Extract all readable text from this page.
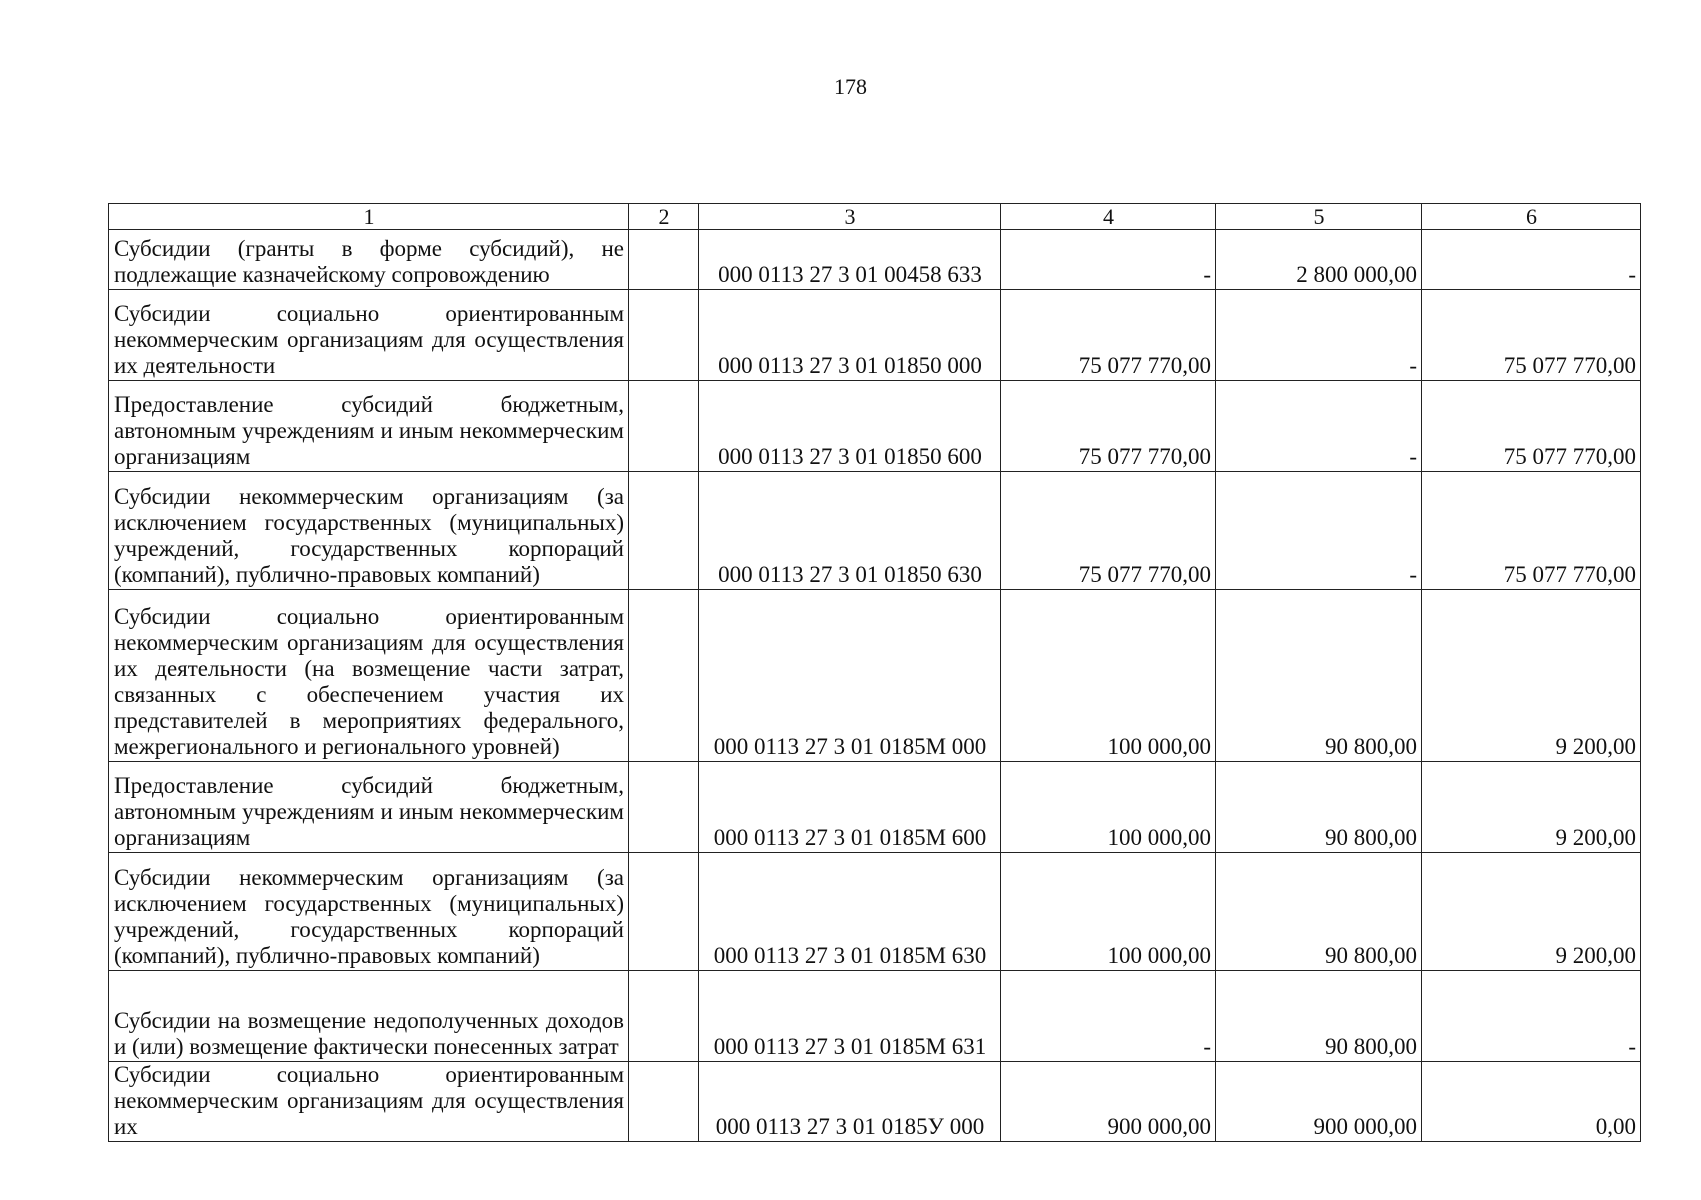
178
1	2	3	4	5	6
Субсидии (гранты в форме субсидий), не подлежащие казначейскому сопровождению		000 0113 27 3 01 00458 633	-	2 800 000,00	-
Субсидии социально ориентированным некоммерческим организациям для осуществления их деятельности		000 0113 27 3 01 01850 000	75 077 770,00	-	75 077 770,00
Предоставление субсидий бюджетным, автономным учреждениям и иным некоммерческим организациям		000 0113 27 3 01 01850 600	75 077 770,00	-	75 077 770,00
Субсидии некоммерческим организациям (за исключением государственных (муниципальных) учреждений, государственных корпораций (компаний), публично-правовых компаний)		000 0113 27 3 01 01850 630	75 077 770,00	-	75 077 770,00
Субсидии социально ориентированным некоммерческим организациям для осуществления их деятельности (на возмещение части затрат, связанных с обеспечением участия их представителей в мероприятиях федерального, межрегионального и регионального уровней)		000 0113 27 3 01 0185М 000	100 000,00	90 800,00	9 200,00
Предоставление субсидий бюджетным, автономным учреждениям и иным некоммерческим организациям		000 0113 27 3 01 0185М 600	100 000,00	90 800,00	9 200,00
Субсидии некоммерческим организациям (за исключением государственных (муниципальных) учреждений, государственных корпораций (компаний), публично-правовых компаний)		000 0113 27 3 01 0185М 630	100 000,00	90 800,00	9 200,00
Субсидии на возмещение недополученных доходов и (или) возмещение фактически понесенных затрат		000 0113 27 3 01 0185М 631	-	90 800,00	-
Субсидии социально ориентированным некоммерческим организациям для осуществления их		000 0113 27 3 01 0185У 000	900 000,00	900 000,00	0,00
